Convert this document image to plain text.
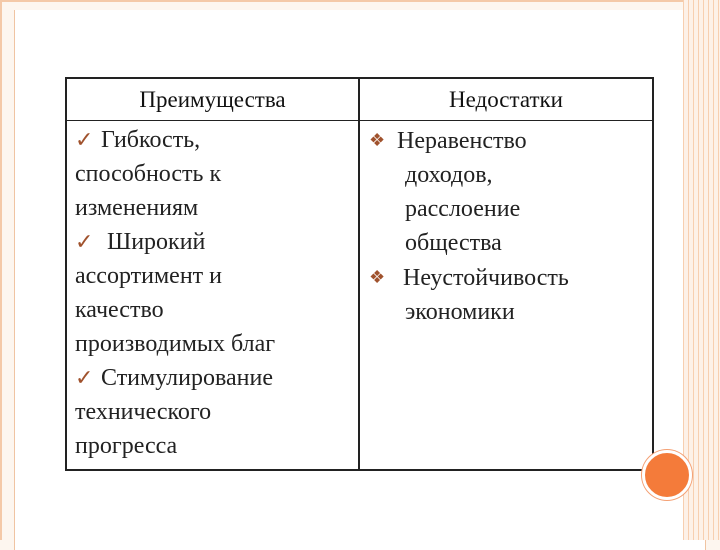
Преимущества	Недостатки
✓ Гибкость,
способность к
изменениям
✓ Широкий
ассортимент и
качество
производимых благ
✓ Стимулирование
технического
прогресса
❖ Неравенство
доходов,
расслоение
общества
❖ Неустойчивость
экономики
